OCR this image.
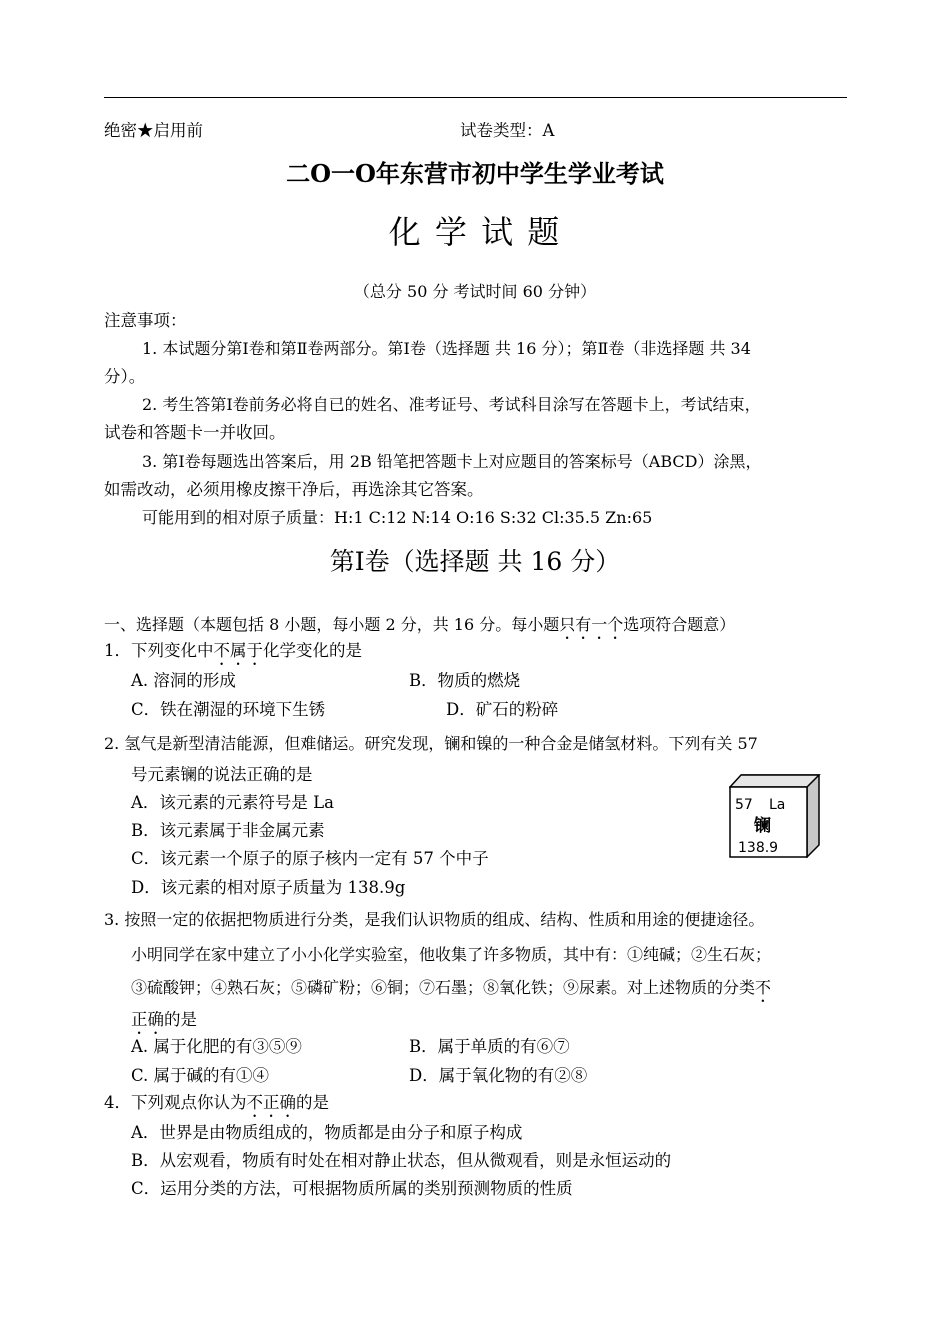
绝密★启用前	试卷类型：A
二O一O年东营市初中学生学业考试
化 学 试 题
（总分 50 分 考试时间 60 分钟）
注意事项：
1. 本试题分第Ⅰ卷和第Ⅱ卷两部分。第Ⅰ卷（选择题 共 16 分）；第Ⅱ卷（非选择题 共 34
分）。
2. 考生答第Ⅰ卷前务必将自已的姓名、准考证号、考试科目涂写在答题卡上，考试结束，
试卷和答题卡一并收回。
3. 第Ⅰ卷每题选出答案后，用 2B 铅笔把答题卡上对应题目的答案标号（ABCD）涂黑，
如需改动，必须用橡皮擦干净后，再选涂其它答案。
可能用到的相对原子质量：H:1 C:12 N:14 O:16 S:32 Cl:35.5 Zn:65
第Ⅰ卷（选择题 共 16 分）
一、选择题（本题包括 8 小题，每小题 2 分，共 16 分。每小题只有一个选项符合题意）
1．下列变化中不属于化学变化的是
A. 溶洞的形成	B．物质的燃烧
C．铁在潮湿的环境下生锈	D．矿石的粉碎
2. 氢气是新型清洁能源，但难储运。研究发现，镧和镍的一种合金是储氢材料。下列有关 57
号元素镧的说法正确的是
A．该元素的元素符号是 La
B．该元素属于非金属元素
C．该元素一个原子的原子核内一定有 57 个中子
D．该元素的相对原子质量为 138.9g
57 La
镧
138.9
3. 按照一定的依据把物质进行分类，是我们认识物质的组成、结构、性质和用途的便捷途径。
小明同学在家中建立了小小化学实验室，他收集了许多物质，其中有：①纯碱；②生石灰；
③硫酸钾；④熟石灰；⑤磷矿粉；⑥铜；⑦石墨；⑧氧化铁；⑨尿素。对上述物质的分类不
正确的是
A. 属于化肥的有③⑤⑨	B．属于单质的有⑥⑦
C. 属于碱的有①④	D．属于氧化物的有②⑧
4．下列观点你认为不正确的是
A．世界是由物质组成的，物质都是由分子和原子构成
B．从宏观看，物质有时处在相对静止状态，但从微观看，则是永恒运动的
C．运用分类的方法，可根据物质所属的类别预测物质的性质
